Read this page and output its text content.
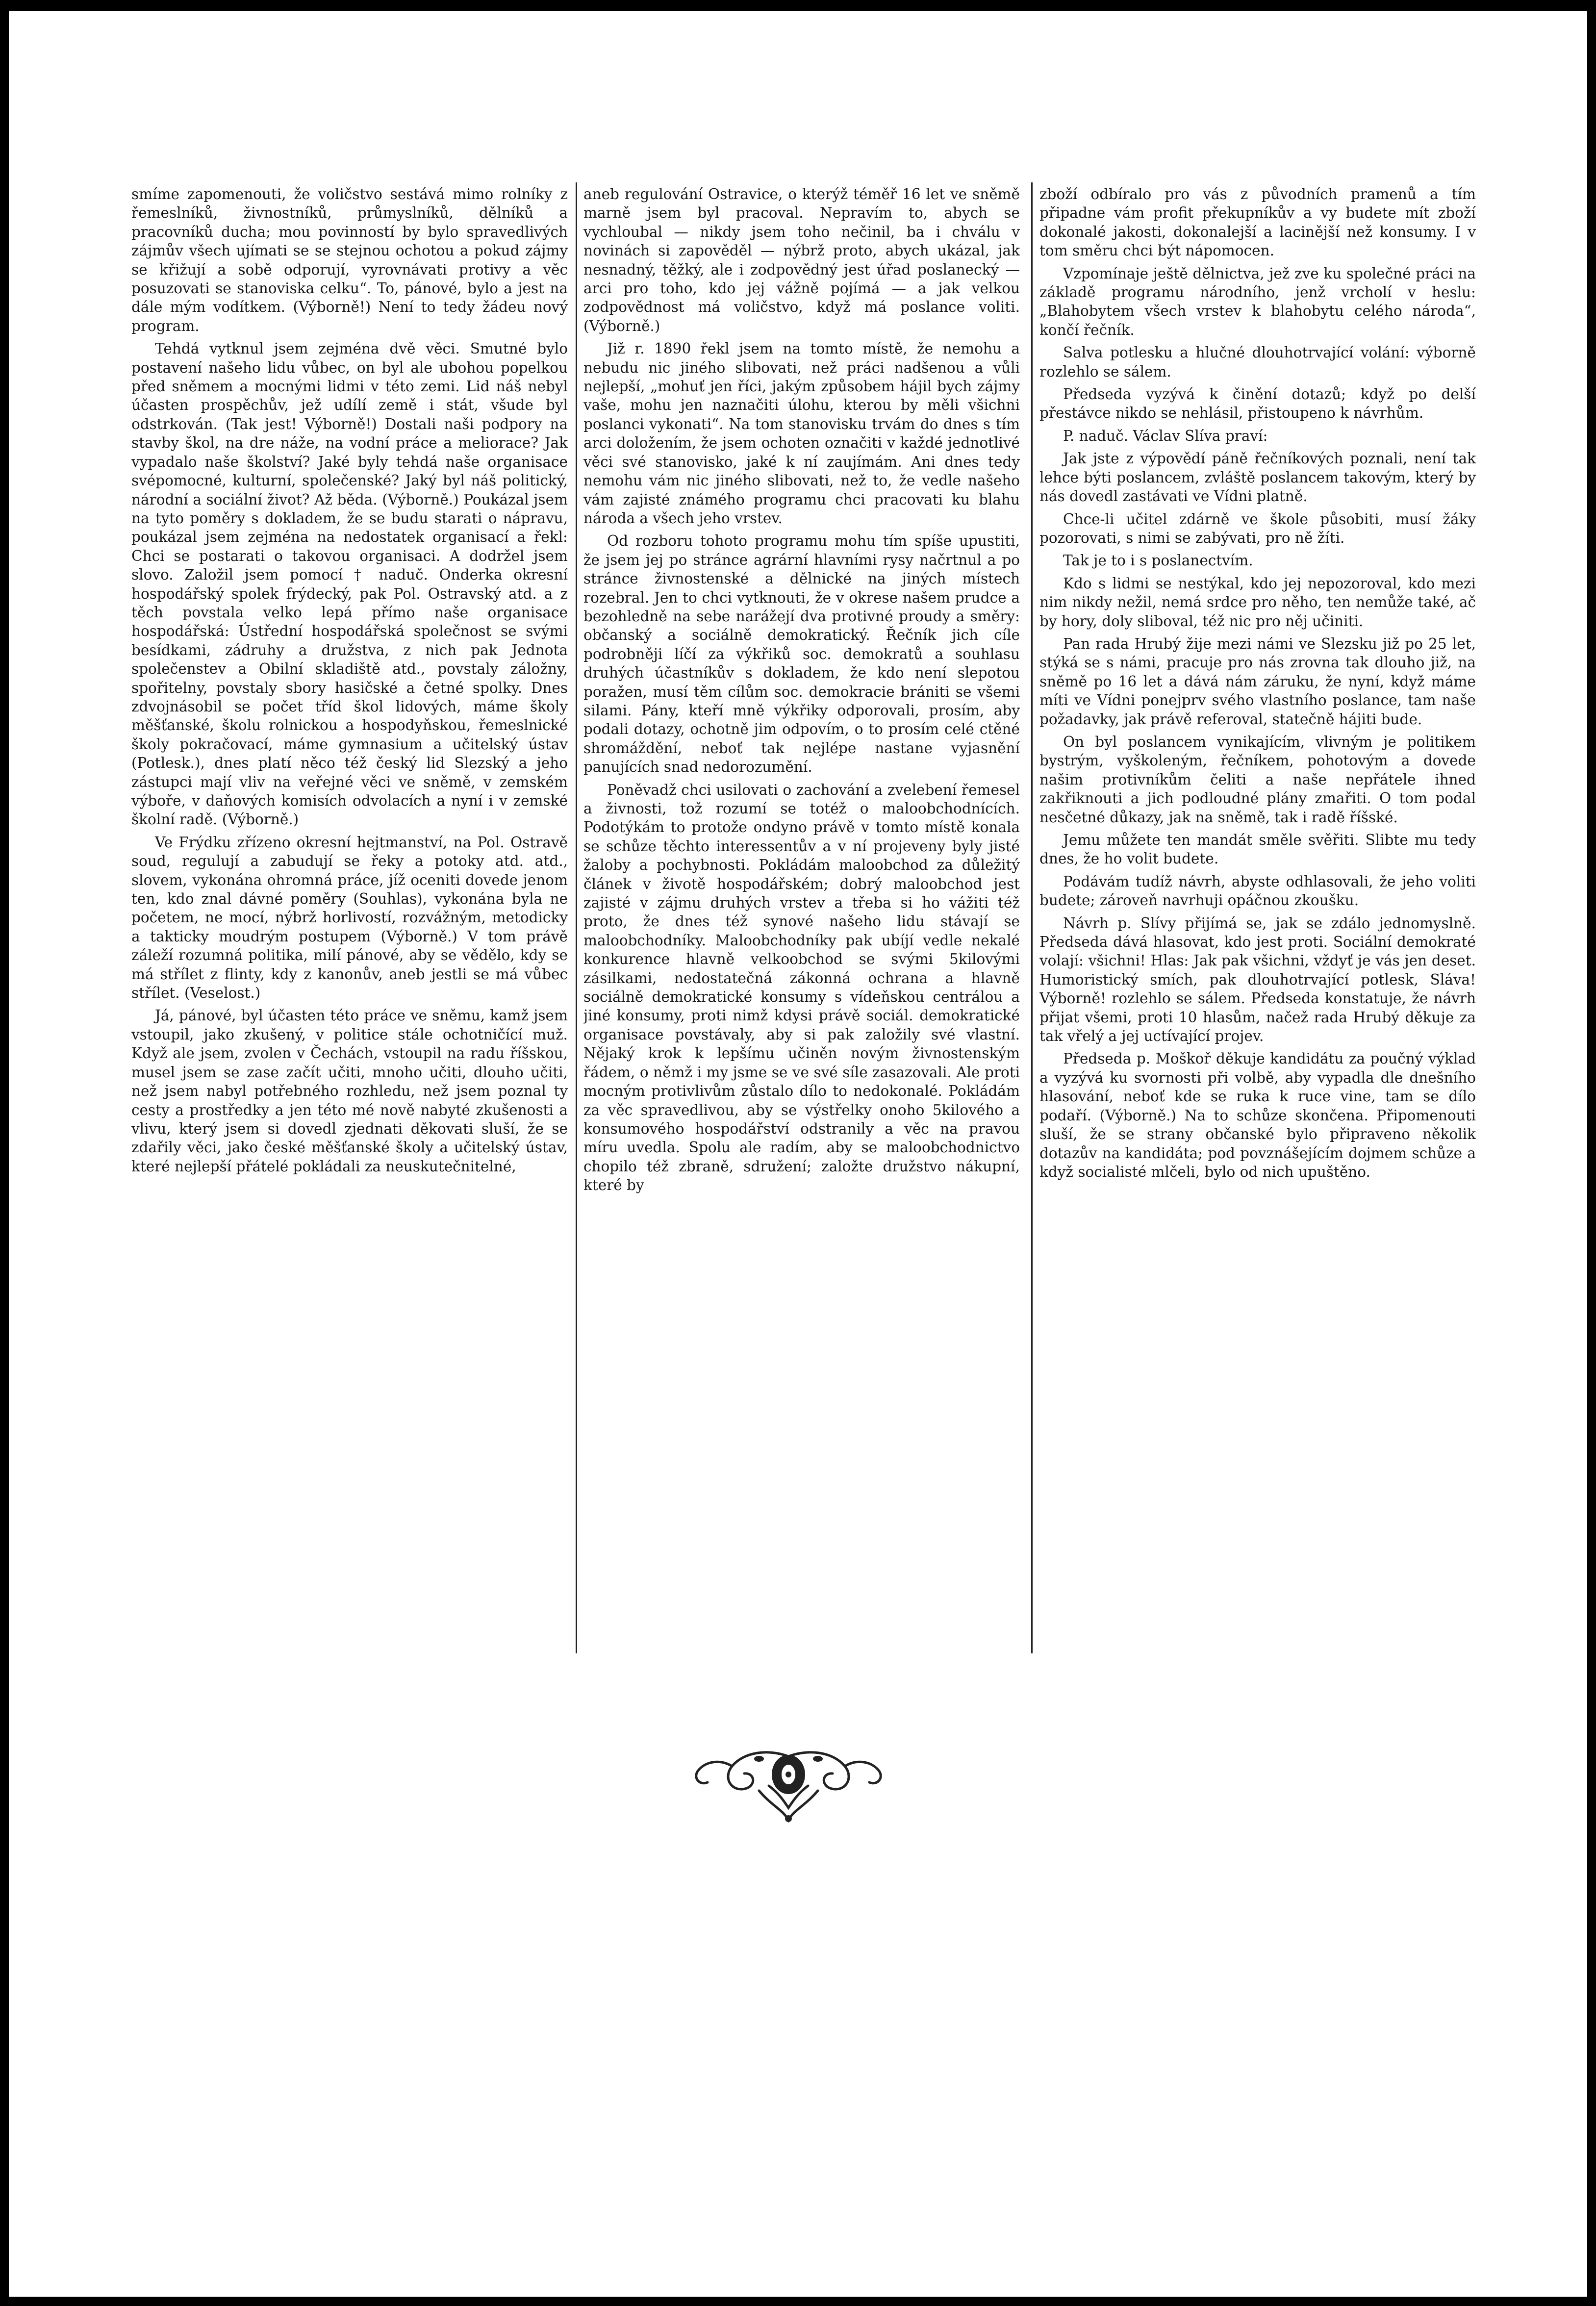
smíme zapomenouti, že voličstvo sestává mimo rolníky z řemeslníků, živnostníků, průmyslníků, dělníků a pracovníků ducha; mou povinností by bylo spravedlivých zájmův všech ujímati se se stejnou ochotou a pokud zájmy se křižují a sobě odporují, vyrovnávati protivy a věc posuzovati se stanoviska celku“. To, pánové, bylo a jest na dále mým vodítkem. (Výborně!) Není to tedy žádeu nový program.

Tehdá vytknul jsem zejména dvě věci. Smutné bylo postavení našeho lidu vůbec, on byl ale ubohou popelkou před sněmem a mocnými lidmi v této zemi. Lid náš nebyl účasten prospěchův, jež udílí země i stát, všude byl odstrkován. (Tak jest! Výborně!) Dostali naši podpory na stavby škol, na dre náže, na vodní práce a meliorace? Jak vypadalo naše školství? Jaké byly tehdá naše organisace svépomocné, kulturní, společenské? Jaký byl náš politický, národní a sociální život? Až běda. (Výborně.) Poukázal jsem na tyto poměry s dokladem, že se budu starati o nápravu, poukázal jsem zejména na nedostatek organisací a řekl: Chci se postarati o takovou organisaci. A dodržel jsem slovo. Založil jsem pomocí † naduč. Onderka okresní hospodářský spolek frýdecký, pak Pol. Ostravský atd. a z těch povstala velko lepá přímo naše organisace hospodářská: Ústřední hospodářská společnost se svými besídkami, zádruhy a družstva, z nich pak Jednota společenstev a Obilní skladiště atd., povstaly záložny, spořitelny, povstaly sbory hasičské a četné spolky. Dnes zdvojnásobil se počet tříd škol lidových, máme školy měšťanské, školu rolnickou a hospodyňskou, řemeslnické školy pokračovací, máme gymnasium a učitelský ústav (Potlesk.), dnes platí něco též český lid Slezský a jeho zástupci mají vliv na veřejné věci ve sněmě, v zemském výboře, v daňových komisích odvolacích a nyní i v zemské školní radě. (Výborně.)

Ve Frýdku zřízeno okresní hejtmanství, na Pol. Ostravě soud, regulují a zabudují se řeky a potoky atd. atd., slovem, vykonána ohromná práce, jíž oceniti dovede jenom ten, kdo znal dávné poměry (Souhlas), vykonána byla ne početem, ne mocí, nýbrž horlivostí, rozvážným, metodicky a takticky moudrým postupem (Výborně.) V tom právě záleží rozumná politika, milí pánové, aby se vědělo, kdy se má střílet z flinty, kdy z kanonův, aneb jestli se má vůbec střílet. (Veselost.)

Já, pánové, byl účasten této práce ve sněmu, kamž jsem vstoupil, jako zkušený, v politice stále ochotničící muž. Když ale jsem, zvolen v Čechách, vstoupil na radu říšskou, musel jsem se zase začít učiti, mnoho učiti, dlouho učiti, než jsem nabyl potřebného rozhledu, než jsem poznal ty cesty a prostředky a jen této mé nově nabyté zkušenosti a vlivu, který jsem si dovedl zjednati děkovati sluší, že se zdařily věci, jako české měšťanské školy a učitelský ústav, které nejlepší přátelé pokládali za neuskutečnitelné,

aneb regulování Ostravice, o kterýž téměř 16 let ve sněmě marně jsem byl pracoval. Nepravím to, abych se vychloubal — nikdy jsem toho nečinil, ba i chválu v novinách si zapověděl — nýbrž proto, abych ukázal, jak nesnadný, těžký, ale i zodpovědný jest úřad poslanecký — arci pro toho, kdo jej vážně pojímá — a jak velkou zodpovědnost má voličstvo, když má poslance voliti. (Výborně.)

Již r. 1890 řekl jsem na tomto místě, že nemohu a nebudu nic jiného slibovati, než práci nadšenou a vůli nejlepší, „mohuť jen říci, jakým způsobem hájil bych zájmy vaše, mohu jen naznačiti úlohu, kterou by měli všichni poslanci vykonati“. Na tom stanovisku trvám do dnes s tím arci doložením, že jsem ochoten označiti v každé jednotlivé věci své stanovisko, jaké k ní zaujímám. Ani dnes tedy nemohu vám nic jiného slibovati, než to, že vedle našeho vám zajisté známého programu chci pracovati ku blahu národa a všech jeho vrstev.

Od rozboru tohoto programu mohu tím spíše upustiti, že jsem jej po stránce agrární hlavními rysy načrtnul a po stránce živnostenské a dělnické na jiných místech rozebral. Jen to chci vytknouti, že v okrese našem prudce a bezohledně na sebe narážejí dva protivné proudy a směry: občanský a sociálně demokratický. Řečník jich cíle podrobněji líčí za výkřiků soc. demokratů a souhlasu druhých účastníkův s dokladem, že kdo není slepotou poražen, musí těm cílům soc. demokracie brániti se všemi silami. Pány, kteří mně výkřiky odporovali, prosím, aby podali dotazy, ochotně jim odpovím, o to prosím celé ctěné shromáždění, neboť tak nejlépe nastane vyjasnění panujících snad nedorozumění.

Poněvadž chci usilovati o zachování a zvelebení řemesel a živnosti, tož rozumí se totéž o maloobchodnících. Podotýkám to protože ondyno právě v tomto místě konala se schůze těchto interessentův a v ní projeveny byly jisté žaloby a pochybnosti. Pokládám maloobchod za důležitý článek v životě hospodářském; dobrý maloobchod jest zajisté v zájmu druhých vrstev a třeba si ho vážiti též proto, že dnes též synové našeho lidu stávají se maloobchodníky. Maloobchodníky pak ubíjí vedle nekalé konkurence hlavně velkoobchod se svými 5kilovými zásilkami, nedostatečná zákonná ochrana a hlavně sociálně demokratické konsumy s vídeňskou centrálou a jiné konsumy, proti nimž kdysi právě sociál. demokratické organisace povstávaly, aby si pak založily své vlastní. Nějaký krok k lepšímu učiněn novým živnostenským řádem, o němž i my jsme se ve své síle zasazovali. Ale proti mocným protivlivům zůstalo dílo to nedokonalé. Pokládám za věc spravedlivou, aby se výstřelky onoho 5kilového a konsumového hospodářství odstranily a věc na pravou míru uvedla. Spolu ale radím, aby se maloobchodnictvo chopilo též zbraně, sdružení; založte družstvo nákupní, které by

zboží odbíralo pro vás z původních pramenů a tím připadne vám profit překupníkův a vy budete mít zboží dokonalé jakosti, dokonalejší a lacinější než konsumy. I v tom směru chci být nápomocen.

Vzpomínaje ještě dělnictva, jež zve ku společné práci na základě programu národního, jenž vrcholí v heslu: „Blahobytem všech vrstev k blahobytu celého národa“, končí řečník.

Salva potlesku a hlučné dlouhotrvající volání: výborně rozlehlo se sálem.

Předseda vyzývá k činění dotazů; když po delší přestávce nikdo se nehlásil, přistoupeno k návrhům.

P. naduč. Václav Slíva praví:

Jak jste z výpovědí páně řečníkových poznali, není tak lehce býti poslancem, zvláště poslancem takovým, který by nás dovedl zastávati ve Vídni platně.

Chce-li učitel zdárně ve škole působiti, musí žáky pozorovati, s nimi se zabývati, pro ně žíti.

Tak je to i s poslanectvím.

Kdo s lidmi se nestýkal, kdo jej nepozoroval, kdo mezi nim nikdy nežil, nemá srdce pro něho, ten nemůže také, ač by hory, doly sliboval, též nic pro něj učiniti.

Pan rada Hrubý žije mezi námi ve Slezsku již po 25 let, stýká se s námi, pracuje pro nás zrovna tak dlouho již, na sněmě po 16 let a dává nám záruku, že nyní, když máme míti ve Vídni ponejprv svého vlastního poslance, tam naše požadavky, jak právě referoval, statečně hájiti bude.

On byl poslancem vynikajícím, vlivným je politikem bystrým, vyškoleným, řečníkem, pohotovým a dovede našim protivníkům čeliti a naše nepřátele ihned zakřiknouti a jich podloudné plány zmařiti. O tom podal nesčetné důkazy, jak na sněmě, tak i radě říšské.

Jemu můžete ten mandát směle svěřiti. Slibte mu tedy dnes, že ho volit budete.

Podávám tudíž návrh, abyste odhlasovali, že jeho voliti budete; zároveň navrhuji opáčnou zkoušku.

Návrh p. Slívy přijímá se, jak se zdálo jednomyslně. Předseda dává hlasovat, kdo jest proti. Sociální demokraté volají: všichni! Hlas: Jak pak všichni, vždyť je vás jen deset. Humoristický smích, pak dlouhotrvající potlesk, Sláva! Výborně! rozlehlo se sálem. Předseda konstatuje, že návrh přijat všemi, proti 10 hlasům, načež rada Hrubý děkuje za tak vřelý a jej uctívající projev.

Předseda p. Moškoř děkuje kandidátu za poučný výklad a vyzývá ku svornosti při volbě, aby vypadla dle dnešního hlasování, neboť kde se ruka k ruce vine, tam se dílo podaří. (Výborně.) Na to schůze skončena. Připomenouti sluší, že se strany občanské bylo připraveno několik dotazův na kandidáta; pod povznášejícím dojmem schůze a když socialisté mlčeli, bylo od nich upuštěno.
